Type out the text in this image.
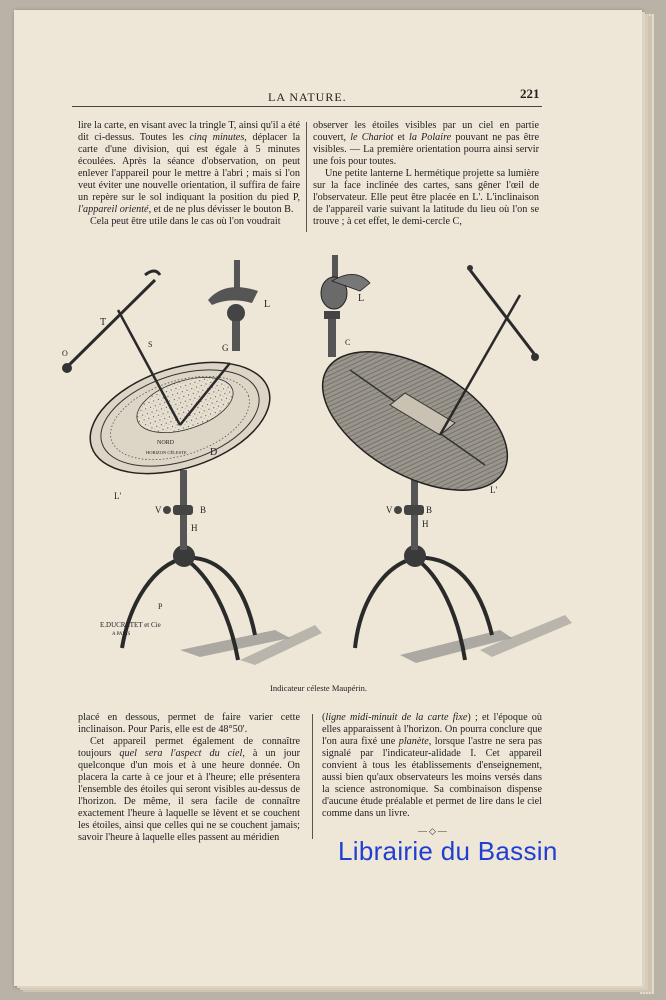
LA NATURE.	221

lire la carte, en visant avec la tringle T, ainsi qu'il a été dit ci-dessus. Toutes les cinq minutes, déplacer la carte d'une division, qui est égale à 5 minutes écoulées. Après la séance d'observation, on peut enlever l'appareil pour le mettre à l'abri ; mais si l'on veut éviter une nouvelle orientation, il suffira de faire un repère sur le sol indiquant la position du pied P, l'appareil orienté, et de ne plus dévisser le bouton B.

Cela peut être utile dans le cas où l'on voudrait

observer les étoiles visibles par un ciel en partie couvert, le Chariot et la Polaire pouvant ne pas être visibles. — La première orientation pourra ainsi servir une fois pour toutes.

Une petite lanterne L hermétique projette sa lumière sur la face inclinée des cartes, sans gêner l'œil de l'observateur. Elle peut être placée en L'. L'inclinaison de l'appareil varie suivant la latitude du lieu où l'on se trouve ; à cet effet, le demi-cercle C,

T
S
O
G
L
D
NORD
HORIZON CÉLESTE
L'
V	B
H
P
E.DUCRETET et Cie
A PARIS
L
C
L'
V	B
H
Indicateur céleste Maupérin.

placé en dessous, permet de faire varier cette inclinaison. Pour Paris, elle est de 48°50'.

Cet appareil permet également de connaître toujours quel sera l'aspect du ciel, à un jour quelconque d'un mois et à une heure donnée. On placera la carte à ce jour et à l'heure; elle présentera l'ensemble des étoiles qui seront visibles au-dessus de l'horizon. De même, il sera facile de connaître exactement l'heure à laquelle se lèvent et se couchent les étoiles, ainsi que celles qui ne se couchent jamais; savoir l'heure à laquelle elles passent au méridien

(ligne midi-minuit de la carte fixe) ; et l'époque où elles apparaissent à l'horizon. On pourra conclure que l'on aura fixé une planète, lorsque l'astre ne sera pas signalé par l'indicateur-alidade I. Cet appareil convient à tous les établissements d'enseignement, aussi bien qu'aux observateurs les moins versés dans la science astronomique. Sa combinaison dispense d'aucune étude préalable et permet de lire dans le ciel comme dans un livre.

—◇—
Librairie du Bassin
